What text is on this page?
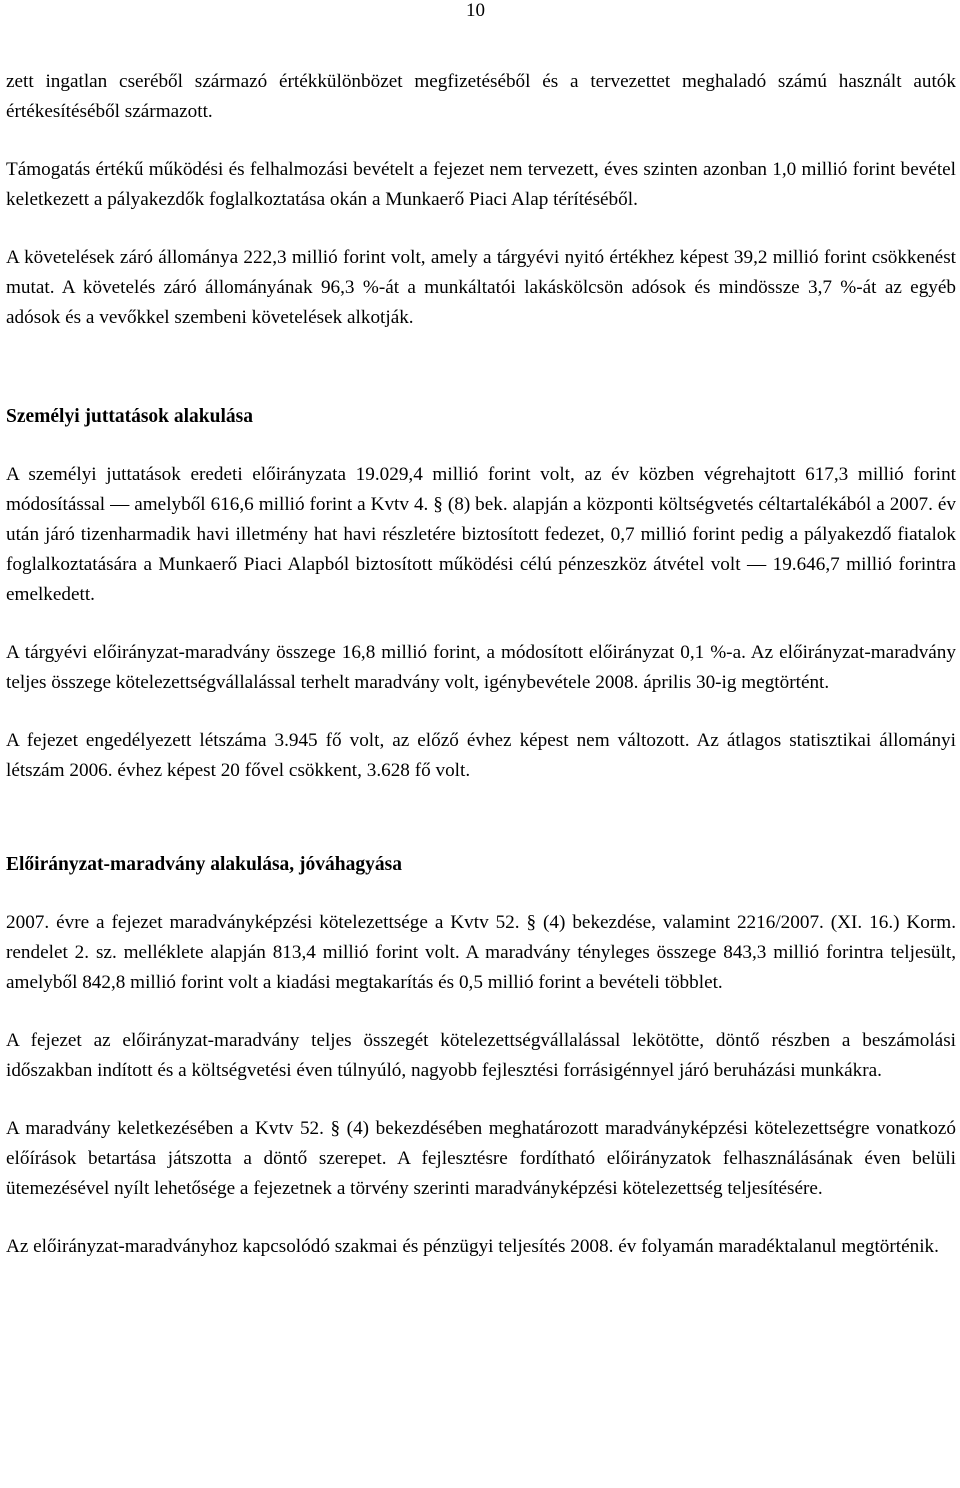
10

zett ingatlan cseréből származó értékkülönbözet megfizetéséből és a tervezettet meghaladó számú használt autók értékesítéséből származott.

Támogatás értékű működési és felhalmozási bevételt a fejezet nem tervezett, éves szinten azonban 1,0 millió forint bevétel keletkezett a pályakezdők foglalkoztatása okán a Munkaerő Piaci Alap térítéséből.

A követelések záró állománya 222,3 millió forint volt, amely a tárgyévi nyitó értékhez képest 39,2 millió forint csökkenést mutat. A követelés záró állományának 96,3 %-át a munkáltatói lakáskölcsön adósok és mindössze 3,7 %-át az egyéb adósok és a vevőkkel szembeni követelések alkotják.

Személyi juttatások alakulása

A személyi juttatások eredeti előirányzata 19.029,4 millió forint volt, az év közben végrehajtott 617,3 millió forint módosítással ― amelyből 616,6 millió forint a Kvtv 4. § (8) bek. alapján a központi költségvetés céltartalékából a 2007. év után járó tizenharmadik havi illetmény hat havi részletére biztosított fedezet, 0,7 millió forint pedig a pályakezdő fiatalok foglalkoztatására a Munkaerő Piaci Alapból biztosított működési célú pénzeszköz átvétel volt ― 19.646,7 millió forintra emelkedett.

A tárgyévi előirányzat-maradvány összege 16,8 millió forint, a módosított előirányzat 0,1 %-a. Az előirányzat-maradvány teljes összege kötelezettségvállalással terhelt maradvány volt, igénybevétele 2008. április 30-ig megtörtént.

A fejezet engedélyezett létszáma 3.945 fő volt, az előző évhez képest nem változott. Az átlagos statisztikai állományi létszám 2006. évhez képest 20 fővel csökkent, 3.628 fő volt.

Előirányzat-maradvány alakulása, jóváhagyása

2007. évre a fejezet maradványképzési kötelezettsége a Kvtv 52. § (4) bekezdése, valamint 2216/2007. (XI. 16.) Korm. rendelet 2. sz. melléklete alapján 813,4 millió forint volt. A maradvány tényleges összege 843,3 millió forintra teljesült, amelyből 842,8 millió forint volt a kiadási megtakarítás és 0,5 millió forint a bevételi többlet.

A fejezet az előirányzat-maradvány teljes összegét kötelezettségvállalással lekötötte, döntő részben a beszámolási időszakban indított és a költségvetési éven túlnyúló, nagyobb fejlesztési forrásigénnyel járó beruházási munkákra.

A maradvány keletkezésében a Kvtv 52. § (4) bekezdésében meghatározott maradványképzési kötelezettségre vonatkozó előírások betartása játszotta a döntő szerepet. A fejlesztésre fordítható előirányzatok felhasználásának éven belüli ütemezésével nyílt lehetősége a fejezetnek a törvény szerinti maradványképzési kötelezettség teljesítésére.

Az előirányzat-maradványhoz kapcsolódó szakmai és pénzügyi teljesítés 2008. év folyamán maradéktalanul megtörténik.
